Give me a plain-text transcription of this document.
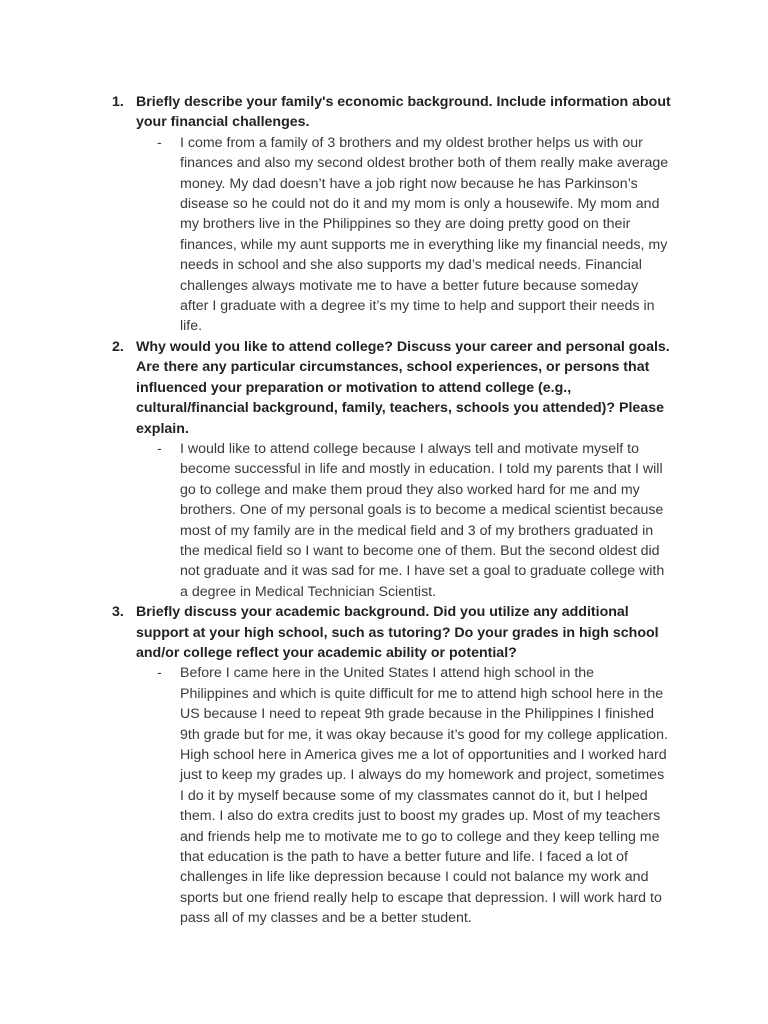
1. Briefly describe your family's economic background. Include information about your financial challenges.

- I come from a family of 3 brothers and my oldest brother helps us with our
finances and also my second oldest brother both of them really make average
money. My dad doesn’t have a job right now because he has Parkinson’s
disease so he could not do it and my mom is only a housewife. My mom and
my brothers live in the Philippines so they are doing pretty good on their
finances, while my aunt supports me in everything like my financial needs, my
needs in school and she also supports my dad’s medical needs. Financial
challenges always motivate me to have a better future because someday
after I graduate with a degree it’s my time to help and support their needs in
life.
2. Why would you like to attend college? Discuss your career and personal goals. Are there any particular circumstances, school experiences, or persons that influenced your preparation or motivation to attend college (e.g., cultural/financial background, family, teachers, schools you attended)? Please explain.

- I would like to attend college because I always tell and motivate myself to
become successful in life and mostly in education. I told my parents that I will
go to college and make them proud they also worked hard for me and my
brothers. One of my personal goals is to become a medical scientist because
most of my family are in the medical field and 3 of my brothers graduated in
the medical field so I want to become one of them. But the second oldest did
not graduate and it was sad for me. I have set a goal to graduate college with
a degree in Medical Technician Scientist.
3. Briefly discuss your academic background. Did you utilize any additional support at your high school, such as tutoring? Do your grades in high school and/or college reflect your academic ability or potential?

- Before I came here in the United States I attend high school in the
Philippines and which is quite difficult for me to attend high school here in the
US because I need to repeat 9th grade because in the Philippines I finished
9th grade but for me, it was okay because it’s good for my college application.
High school here in America gives me a lot of opportunities and I worked hard
just to keep my grades up. I always do my homework and project, sometimes
I do it by myself because some of my classmates cannot do it, but I helped
them. I also do extra credits just to boost my grades up. Most of my teachers
and friends help me to motivate me to go to college and they keep telling me
that education is the path to have a better future and life. I faced a lot of
challenges in life like depression because I could not balance my work and
sports but one friend really help to escape that depression. I will work hard to
pass all of my classes and be a better student.
